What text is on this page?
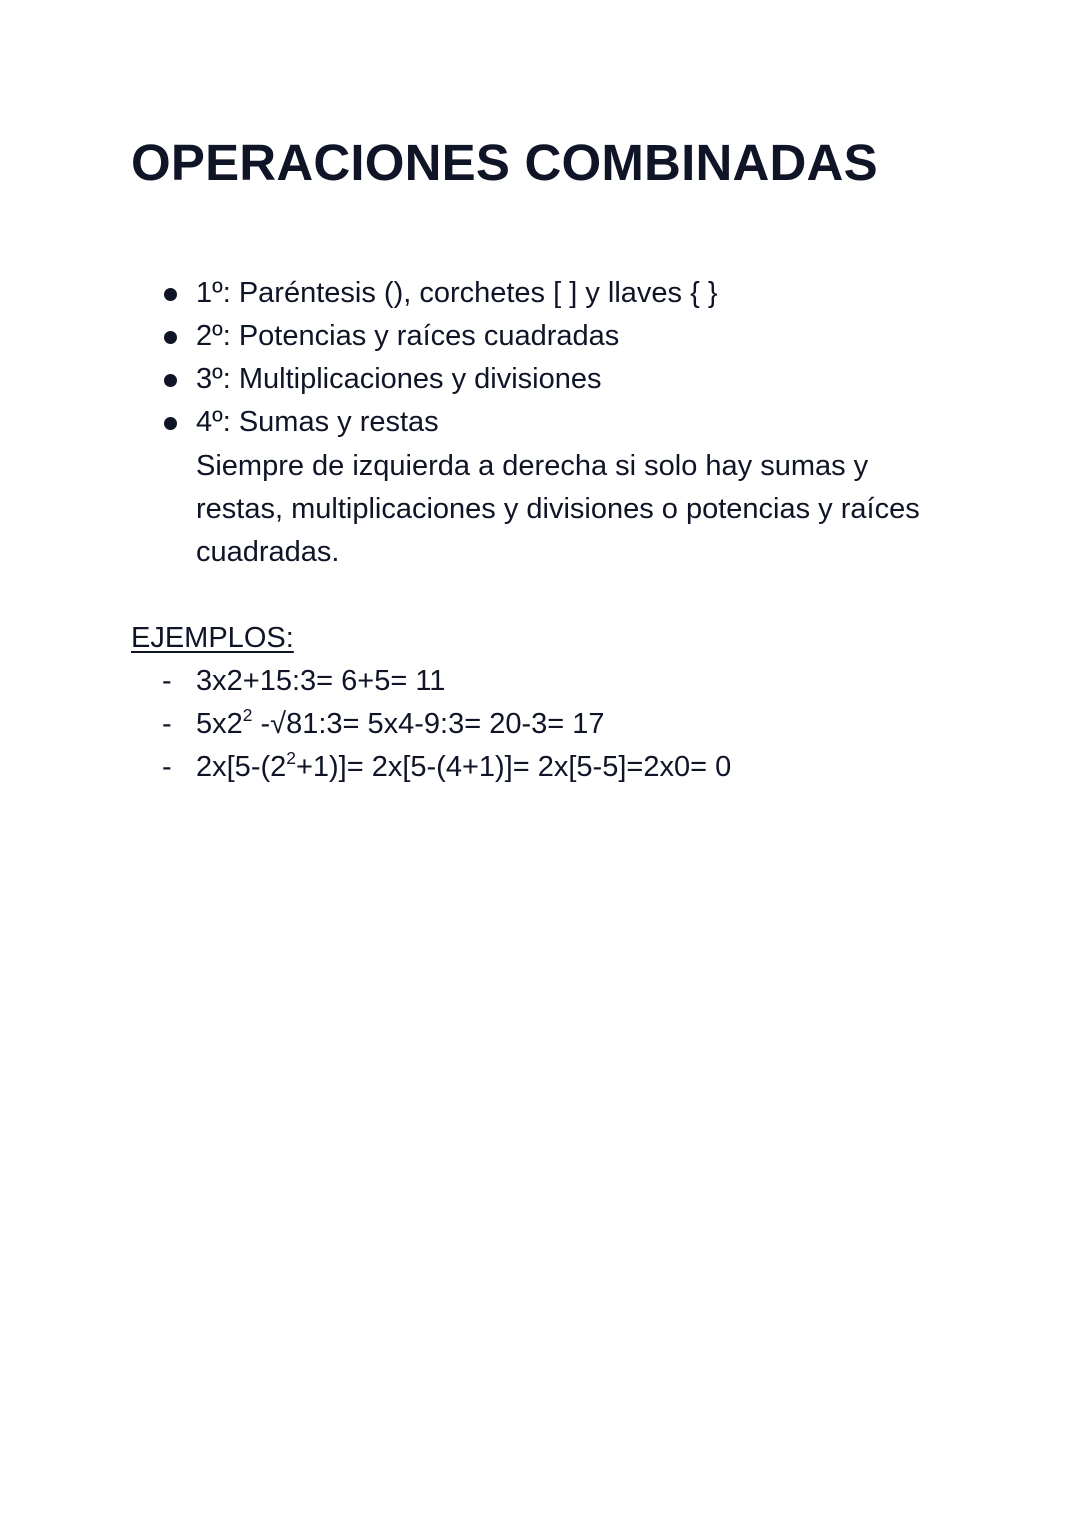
OPERACIONES COMBINADAS
1º: Paréntesis (), corchetes [ ] y llaves { }
2º: Potencias y raíces cuadradas
3º: Multiplicaciones y divisiones
4º: Sumas y restas

Siempre de izquierda a derecha si solo hay sumas y restas, multiplicaciones y divisiones o potencias y raíces cuadradas.

EJEMPLOS:
- 3x2+15:3= 6+5= 11
- $5x2^2$ -√81:3= 5x4-9:3= 20-3= 17
- $2x[5-(2^2+1)]= 2x[5-(4+1)]= 2x[5-5]=2x0= 0$
